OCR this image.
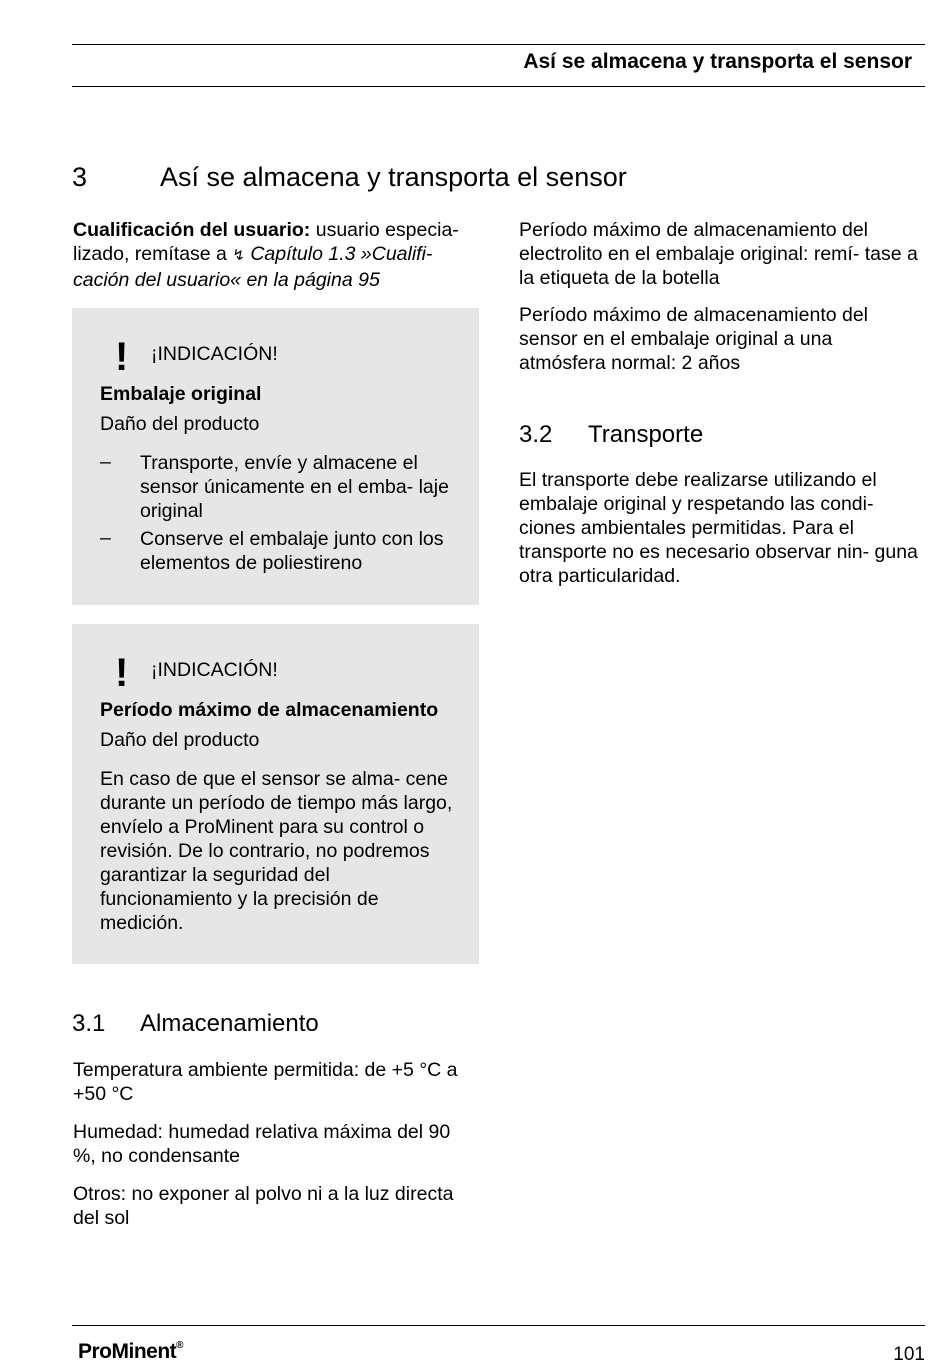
Así se almacena y transporta el sensor
3	Así se almacena y transporta el sensor
Cualificación del usuario: usuario especia-
lizado, remítase a ↯ Capítulo 1.3 »Cualifi-
cación del usuario« en la página 95
! ¡INDICACIÓN!
Embalaje original
Daño del producto
– Transporte, envíe y almacene el sensor únicamente en el emba- laje original
– Conserve el embalaje junto con los elementos de poliestireno
! ¡INDICACIÓN!
Período máximo de almacenamiento
Daño del producto
En caso de que el sensor se alma- cene durante un período de tiempo más largo, envíelo a ProMinent para su control o revisión. De lo contrario, no podremos garantizar la seguridad del funcionamiento y la precisión de medición.
3.1 Almacenamiento
Temperatura ambiente permitida: de +5 °C a +50 °C
Humedad: humedad relativa máxima del 90 %, no condensante
Otros: no exponer al polvo ni a la luz directa del sol
Período máximo de almacenamiento del electrolito en el embalaje original: remí- tase a la etiqueta de la botella
Período máximo de almacenamiento del sensor en el embalaje original a una atmósfera normal: 2 años
3.2 Transporte
El transporte debe realizarse utilizando el embalaje original y respetando las condi- ciones ambientales permitidas. Para el transporte no es necesario observar nin- guna otra particularidad.
ProMinent®	101
